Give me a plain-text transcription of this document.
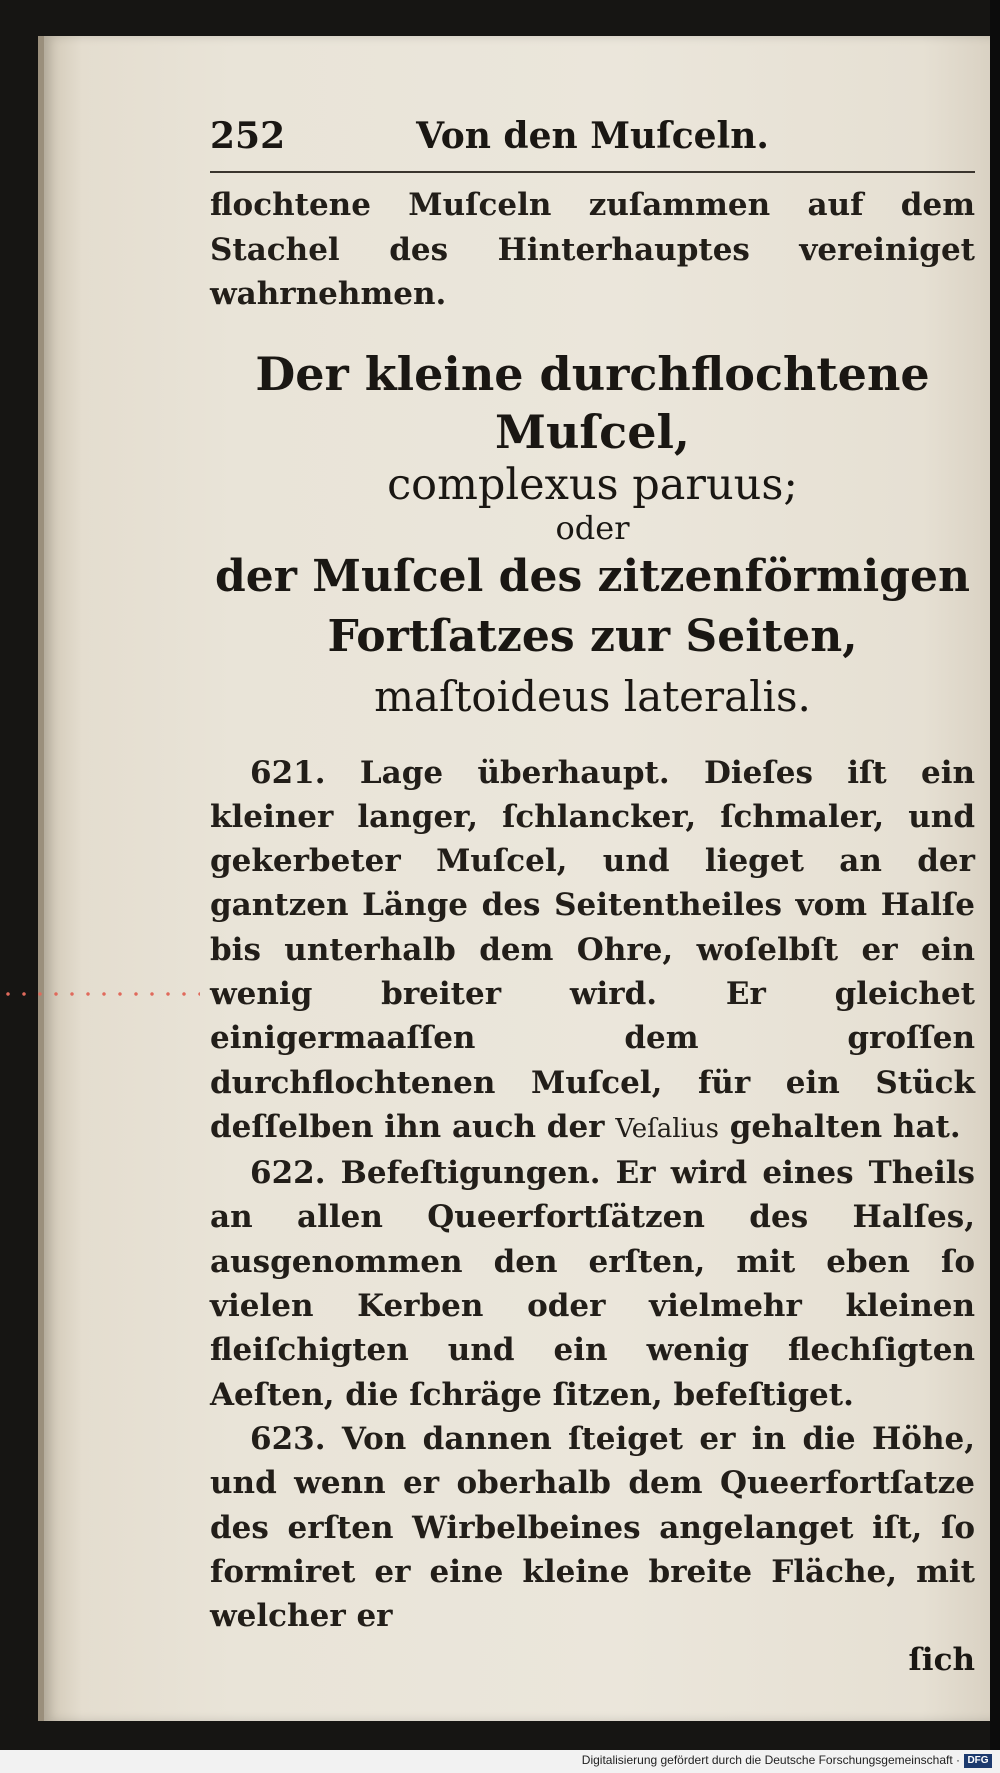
252	Von den Muſceln.

flochtene Muſceln zuſammen auf dem Stachel des Hinterhauptes vereiniget wahrnehmen.

Der kleine durchflochtene Muſcel,
complexus paruus;
oder
der Muſcel des zitzenförmigen Fortſatzes zur Seiten, maſtoideus lateralis.

621. Lage überhaupt. Dieſes iſt ein kleiner langer, ſchlancker, ſchmaler, und gekerbeter Muſcel, und lieget an der gantzen Länge des Seitentheiles vom Halſe bis unterhalb dem Ohre, woſelbſt er ein wenig breiter wird. Er gleichet einigermaaſſen dem groſſen durchflochtenen Muſcel, für ein Stück deſſelben ihn auch der Veſalius gehalten hat.

622. Befeſtigungen. Er wird eines Theils an allen Queerfortſätzen des Halſes, ausgenommen den erſten, mit eben ſo vielen Kerben oder vielmehr kleinen fleiſchigten und ein wenig flechſigten Aeſten, die ſchräge ſitzen, befeſtiget.

623. Von dannen ſteiget er in die Höhe, und wenn er oberhalb dem Queerfortſatze des erſten Wirbelbeines angelanget iſt, ſo formiret er eine kleine breite Fläche, mit welcher er

ſich
Digitalisierung gefördert durch die Deutsche Forschungsgemeinschaft · DFG
